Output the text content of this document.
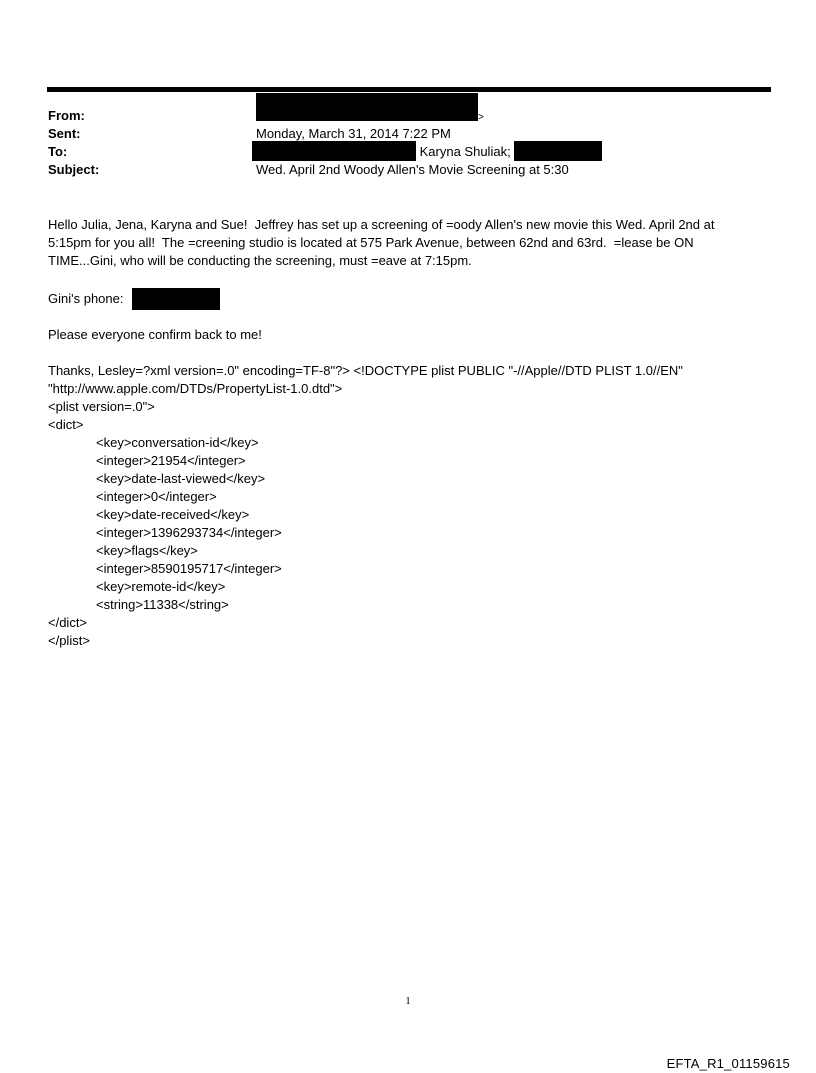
From:	$_>$
Sent:	Monday, March 31, 2014 7:22 PM
To:	Karyna Shuliak;
Subject:	Wed. April 2nd Woody Allen's Movie Screening at 5:30
Hello Julia, Jena, Karyna and Sue!  Jeffrey has set up a screening of =oody Allen's new movie this Wed. April 2nd at
5:15pm for you all!  The =creening studio is located at 575 Park Avenue, between 62nd and 63rd.  =lease be ON
TIME...Gini, who will be conducting the screening, must =eave at 7:15pm.
Gini's phone:
Please everyone confirm back to me!
Thanks, Lesley=?xml version=.0" encoding=TF-8"?> <!DOCTYPE plist PUBLIC "-//Apple//DTD PLIST 1.0//EN"
"http://www.apple.com/DTDs/PropertyList-1.0.dtd">
<plist version=.0">
<dict>
<key>conversation-id</key>
<integer>21954</integer>
<key>date-last-viewed</key>
<integer>0</integer>
<key>date-received</key>
<integer>1396293734</integer>
<key>flags</key>
<integer>8590195717</integer>
<key>remote-id</key>
<string>11338</string>
</dict>
</plist>
1
EFTA_R1_01159615
